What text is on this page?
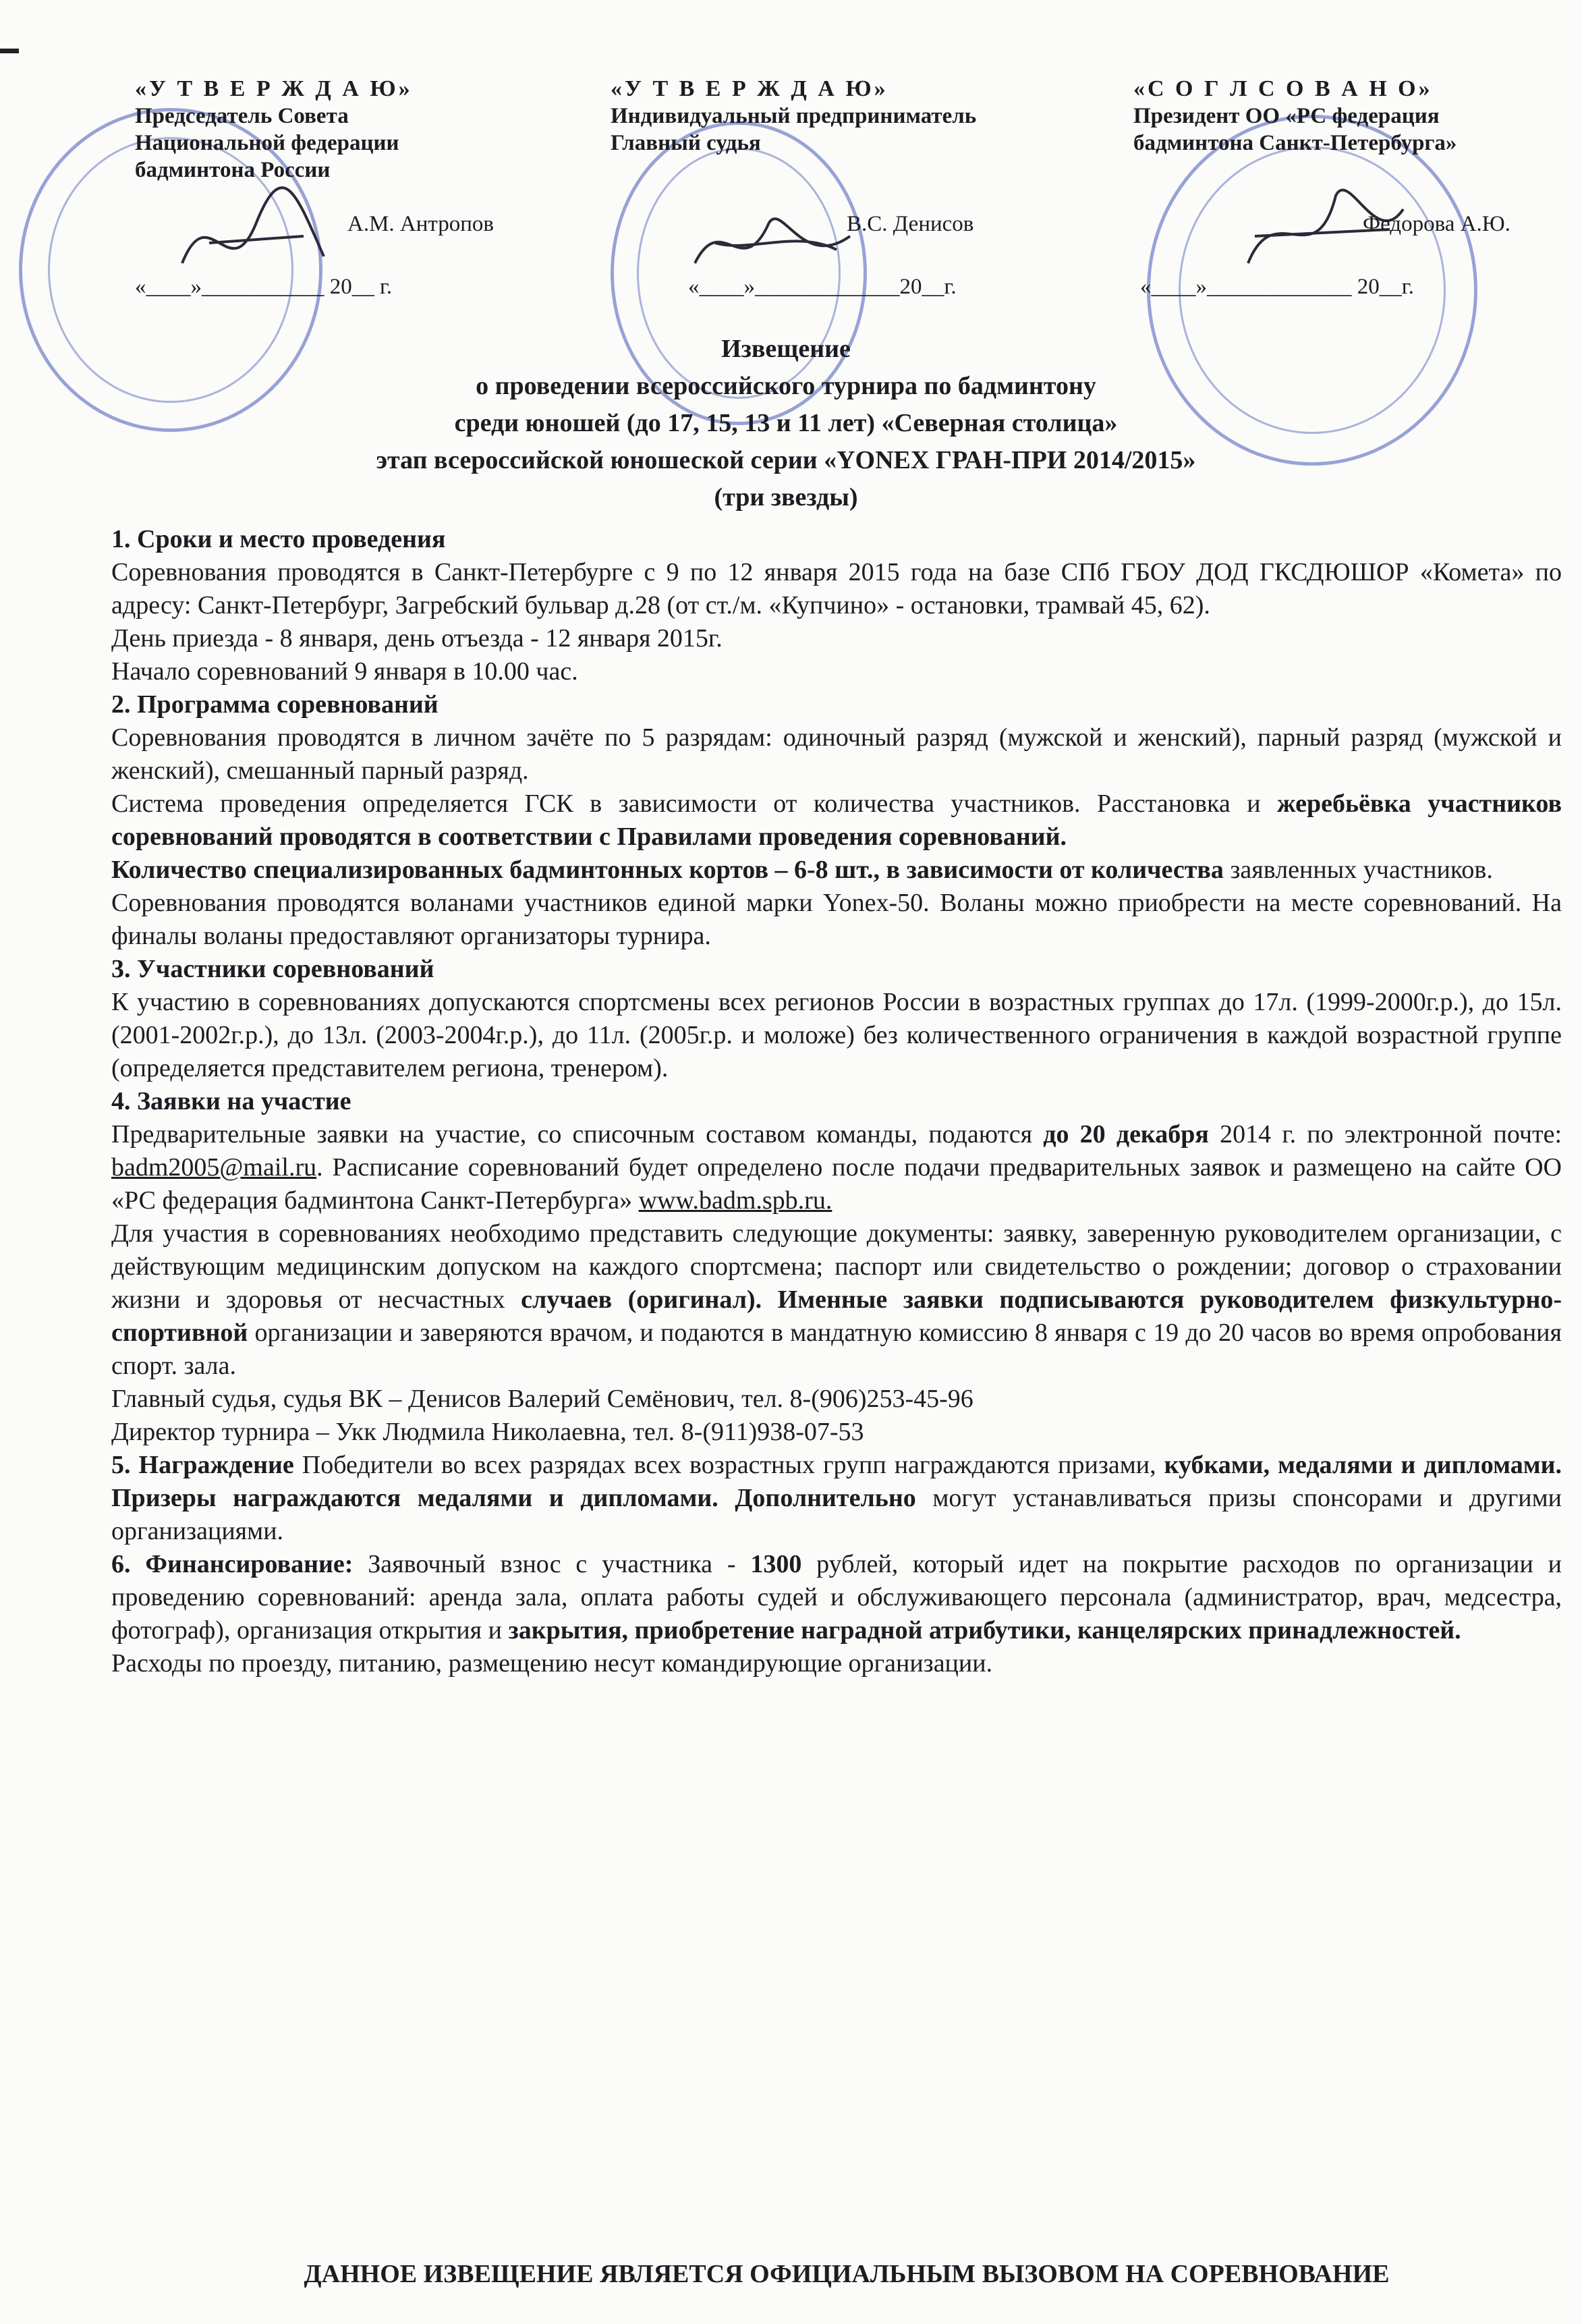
«У Т В Е Р Ж Д А Ю»
Председатель Совета
Национальной федерации
бадминтона России
А.М. Антропов
«____»___________ 20__ г.
«У Т В Е Р Ж Д А Ю»
Индивидуальный предприниматель
Главный судья
В.С. Денисов
«____»_____________20__г.
«С О Г Л С О В А Н О»
Президент ОО «РС федерация
бадминтона Санкт-Петербурга»
Федорова А.Ю.
«____»_____________ 20__г.
Извещение
о проведении всероссийского турнира по бадминтону
среди юношей (до 17, 15, 13 и 11 лет) «Северная столица»
этап всероссийской юношеской серии «YONEX ГРАН-ПРИ 2014/2015»
(три звезды)

1. Сроки и место проведения

Соревнования проводятся в Санкт-Петербурге с 9 по 12 января 2015 года на базе СПб ГБОУ ДОД ГКСДЮШОР «Комета» по адресу: Санкт-Петербург, Загребский бульвар д.28 (от ст./м. «Купчино» - остановки, трамвай 45, 62).

День приезда - 8 января, день отъезда - 12 января 2015г.

Начало соревнований 9 января в 10.00 час.

2. Программа соревнований

Соревнования проводятся в личном зачёте по 5 разрядам: одиночный разряд (мужской и женский), парный разряд (мужской и женский), смешанный парный разряд.

Система проведения определяется ГСК в зависимости от количества участников. Расстановка и жеребьёвка участников соревнований проводятся в соответствии с Правилами проведения соревнований.

Количество специализированных бадминтонных кортов – 6-8 шт., в зависимости от количества заявленных участников.

Соревнования проводятся воланами участников единой марки Yonex-50. Воланы можно приобрести на месте соревнований. На финалы воланы предоставляют организаторы турнира.

3. Участники соревнований

К участию в соревнованиях допускаются спортсмены всех регионов России в возрастных группах до 17л. (1999-2000г.р.), до 15л. (2001-2002г.р.), до 13л. (2003-2004г.р.), до 11л. (2005г.р. и моложе) без количественного ограничения в каждой возрастной группе (определяется представителем региона, тренером).

4. Заявки на участие

Предварительные заявки на участие, со списочным составом команды, подаются до 20 декабря 2014 г. по электронной почте: badm2005@mail.ru. Расписание соревнований будет определено после подачи предварительных заявок и размещено на сайте ОО «РС федерация бадминтона Санкт-Петербурга» www.badm.spb.ru.

Для участия в соревнованиях необходимо представить следующие документы: заявку, заверенную руководителем организации, с действующим медицинским допуском на каждого спортсмена; паспорт или свидетельство о рождении; договор о страховании жизни и здоровья от несчастных случаев (оригинал). Именные заявки подписываются руководителем физкультурно-спортивной организации и заверяются врачом, и подаются в мандатную комиссию 8 января с 19 до 20 часов во время опробования спорт. зала.

Главный судья, судья ВК – Денисов Валерий Семёнович, тел. 8-(906)253-45-96

Директор турнира – Укк Людмила Николаевна, тел. 8-(911)938-07-53

5. Награждение Победители во всех разрядах всех возрастных групп награждаются призами, кубками, медалями и дипломами. Призеры награждаются медалями и дипломами. Дополнительно могут устанавливаться призы спонсорами и другими организациями.

6. Финансирование: Заявочный взнос с участника - 1300 рублей, который идет на покрытие расходов по организации и проведению соревнований: аренда зала, оплата работы судей и обслуживающего персонала (администратор, врач, медсестра, фотограф), организация открытия и закрытия, приобретение наградной атрибутики, канцелярских принадлежностей.

Расходы по проезду, питанию, размещению несут командирующие организации.

ДАННОЕ ИЗВЕЩЕНИЕ ЯВЛЯЕТСЯ ОФИЦИАЛЬНЫМ ВЫЗОВОМ НА СОРЕВНОВАНИЕ
